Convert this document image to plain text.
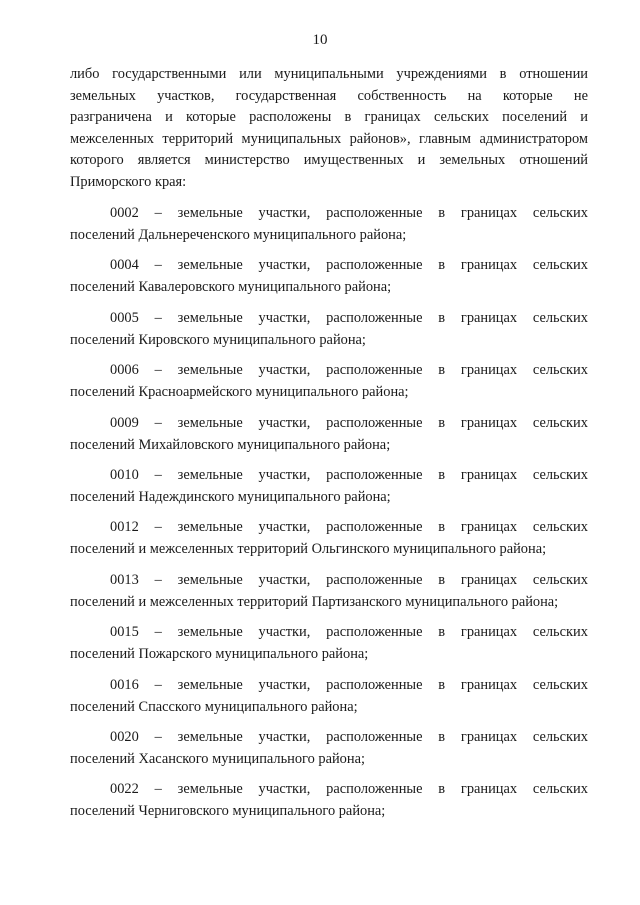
10
либо государственными или муниципальными учреждениями в отношении
земельных участков, государственная собственность на которые не
разграничена и которые расположены в границах сельских поселений и
межселенных территорий муниципальных районов», главным администратором
которого является министерство имущественных и земельных отношений
Приморского края:
0002 – земельные участки, расположенные в границах сельских
поселений Дальнереченского муниципального района;
0004 – земельные участки, расположенные в границах сельских
поселений Кавалеровского муниципального района;
0005 – земельные участки, расположенные в границах сельских
поселений Кировского муниципального района;
0006 – земельные участки, расположенные в границах сельских
поселений Красноармейского муниципального района;
0009 – земельные участки, расположенные в границах сельских
поселений Михайловского муниципального района;
0010 – земельные участки, расположенные в границах сельских
поселений Надеждинского муниципального района;
0012 – земельные участки, расположенные в границах сельских
поселений и межселенных территорий Ольгинского муниципального района;
0013 – земельные участки, расположенные в границах сельских
поселений и межселенных территорий Партизанского муниципального района;
0015 – земельные участки, расположенные в границах сельских
поселений Пожарского муниципального района;
0016 – земельные участки, расположенные в границах сельских
поселений Спасского муниципального района;
0020 – земельные участки, расположенные в границах сельских
поселений Хасанского муниципального района;
0022 – земельные участки, расположенные в границах сельских
поселений Черниговского муниципального района;
